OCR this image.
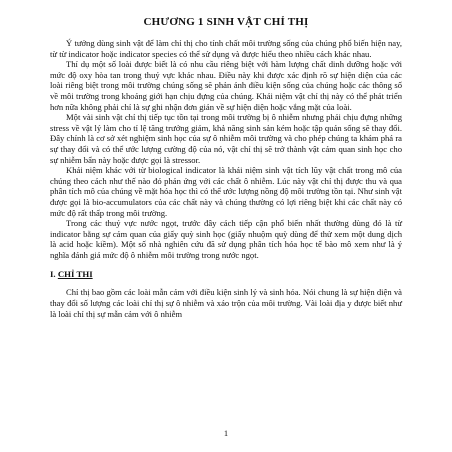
CHƯƠNG 1 SINH VẬT CHỈ THỊ

Ý tưởng dùng sinh vật để làm chỉ thị cho tính chất môi trường sống của chúng phổ biến hiện nay, từ từ indicator hoặc indicator species có thể sử dụng và được hiểu theo nhiều cách khác nhau.

Thí dụ một số loài được biết là có nhu cầu riêng biệt với hàm lượng chất dinh dưỡng hoặc với mức độ oxy hòa tan trong thuỷ vực khác nhau. Điều này khi được xác định rõ sự hiện diện của các loài riêng biệt trong môi trường chúng sống sẽ phản ánh điều kiện sống của chúng hoặc các thông số về môi trường trong khoảng giới hạn chịu đựng của chúng. Khái niệm vật chỉ thị này có thể phát triển hơn nữa không phải chỉ là sự ghi nhận đơn giản về sự hiện diện hoặc vắng mặt của loài.

Một vài sinh vật chỉ thị tiếp tục tồn tại trong môi trường bị ô nhiễm nhưng phải chịu đựng những stress về vật lý làm cho tỉ lệ tăng trưởng giảm, khả năng sinh sản kém hoặc tập quán sống sẽ thay đổi. Đây chính là cơ sở xét nghiệm sinh học của sự ô nhiễm môi trường và cho phép chúng ta khám phá ra sự thay đổi và có thể ước lượng cường độ của nó, vật chỉ thị sẽ trở thành vật cảm quan sinh học cho sự nhiễm bẩn này hoặc được gọi là stressor.

Khái niệm khác với từ biological indicator là khái niệm sinh vật tích lũy vật chất trong mô của chúng theo cách như thế nào đó phản ứng với các chất ô nhiễm. Lúc này vật chỉ thị được thu và qua phân tích mô của chúng về mặt hóa học thì có thể ước lượng nồng độ môi trường tồn tại. Như sinh vật được gọi là bio-accumulators của các chất này và chúng thường có lợi riêng biệt khi các chất này có mức độ rất thấp trong môi trường.

Trong các thuỷ vực nước ngọt, trước đây cách tiếp cận phổ biến nhất thường dùng đó là từ indicator bằng sự cảm quan của giấy quỳ sinh học (giấy nhuộm quỳ dùng để thử xem một dung dịch là acid hoặc kiềm). Một số nhà nghiên cứu đã sử dụng phân tích hóa học tế bào mô xem như là ý nghĩa đánh giá mức độ ô nhiễm môi trường trong nước ngọt.

I. CHỈ THỊ

Chỉ thị bao gồm các loài mẫn cảm với điều kiện sinh lý và sinh hóa. Nói chung là sự hiện diện và thay đổi số lượng các loài chỉ thị sự ô nhiễm và xáo trộn của môi trường. Vài loài địa y được biết như là loài chỉ thị sự mẫn cảm với ô nhiễm

1
